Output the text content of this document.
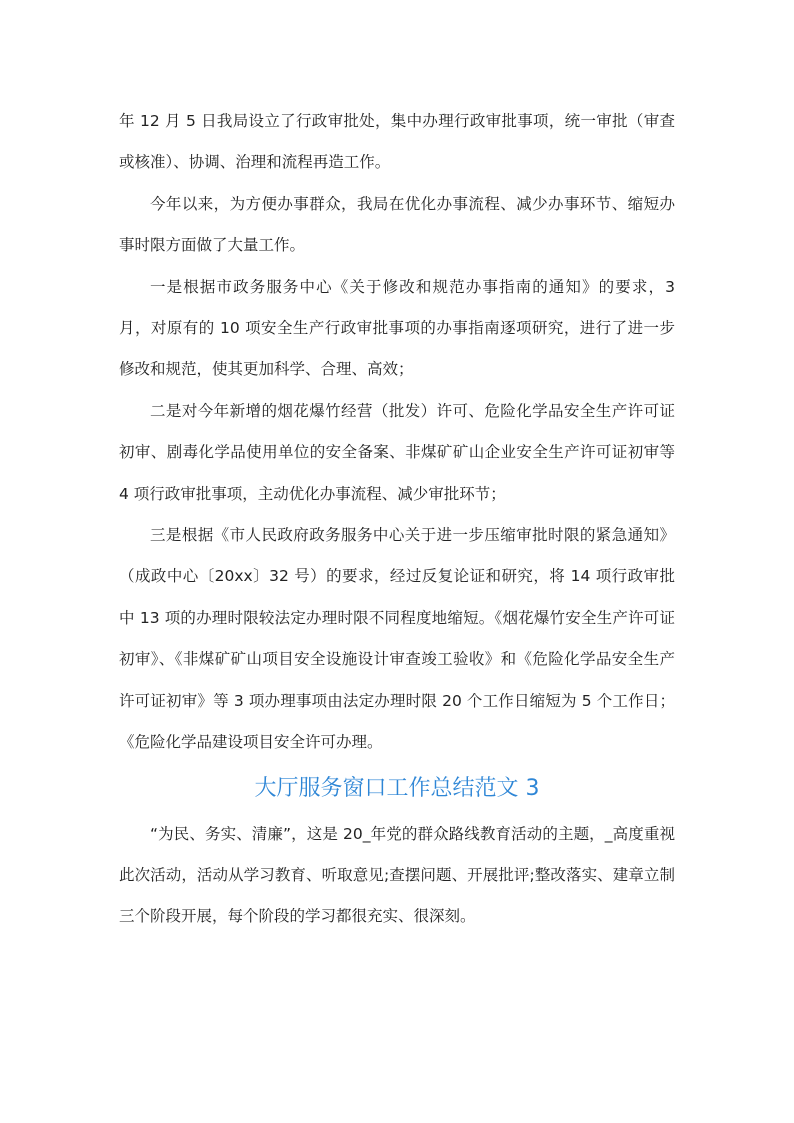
年 12 月 5 日我局设立了行政审批处，集中办理行政审批事项，统一审批（审查或核准）、协调、治理和流程再造工作。

今年以来，为方便办事群众，我局在优化办事流程、减少办事环节、缩短办事时限方面做了大量工作。

一是根据市政务服务中心《关于修改和规范办事指南的通知》的要求，3 月，对原有的 10 项安全生产行政审批事项的办事指南逐项研究，进行了进一步修改和规范，使其更加科学、合理、高效；

二是对今年新增的烟花爆竹经营（批发）许可、危险化学品安全生产许可证初审、剧毒化学品使用单位的安全备案、非煤矿矿山企业安全生产许可证初审等 4 项行政审批事项，主动优化办事流程、减少审批环节；

三是根据《市人民政府政务服务中心关于进一步压缩审批时限的紧急通知》（成政中心〔20xx〕32 号）的要求，经过反复论证和研究，将 14 项行政审批中 13 项的办理时限较法定办理时限不同程度地缩短。《烟花爆竹安全生产许可证初审》、《非煤矿矿山项目安全设施设计审查竣工验收》和《危险化学品安全生产许可证初审》等 3 项办理事项由法定办理时限 20 个工作日缩短为 5 个工作日；《危险化学品建设项目安全许可办理。

大厅服务窗口工作总结范文 3

“为民、务实、清廉”，这是 20_年党的群众路线教育活动的主题，_高度重视此次活动，活动从学习教育、听取意见;查摆问题、开展批评;整改落实、建章立制三个阶段开展，每个阶段的学习都很充实、很深刻。
